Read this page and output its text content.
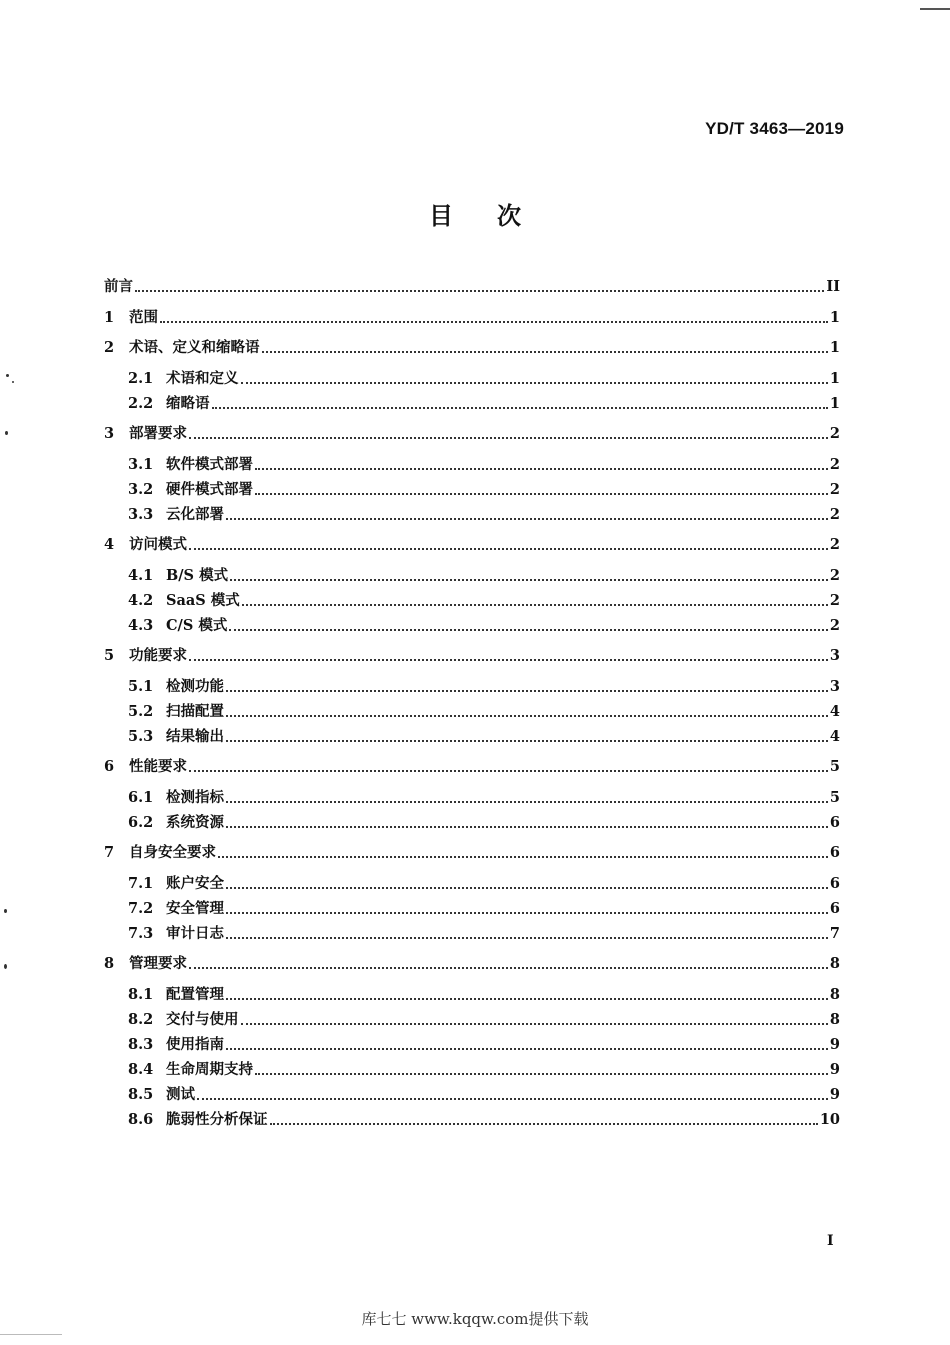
YD/T 3463—2019
目次
前言	II
1	范围	1
2	术语、定义和缩略语	1
2.1 术语和定义	1
2.2 缩略语	1
3	部署要求	2
3.1 软件模式部署	2
3.2 硬件模式部署	2
3.3 云化部署	2
4	访问模式	2
4.1 B/S 模式	2
4.2 SaaS 模式	2
4.3 C/S 模式	2
5	功能要求	3
5.1 检测功能	3
5.2 扫描配置	4
5.3 结果输出	4
6	性能要求	5
6.1 检测指标	5
6.2 系统资源	6
7	自身安全要求	6
7.1 账户安全	6
7.2 安全管理	6
7.3 审计日志	7
8	管理要求	8
8.1 配置管理	8
8.2 交付与使用	8
8.3 使用指南	9
8.4 生命周期支持	9
8.5 测试	9
8.6 脆弱性分析保证	10
I
库七七 www.kqqw.com提供下载
